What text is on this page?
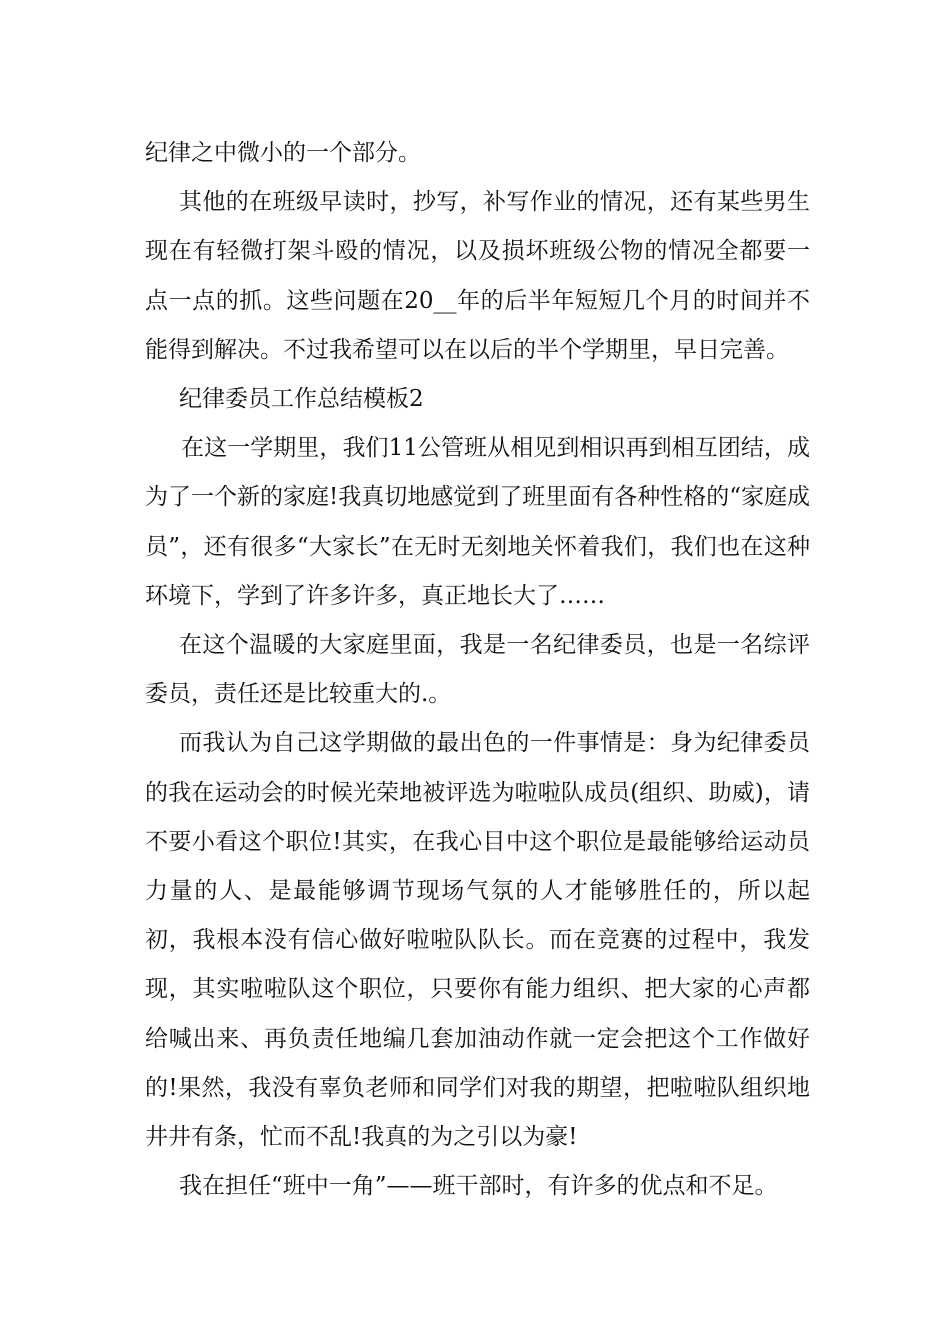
纪律之中微小的一个部分。

其他的在班级早读时，抄写，补写作业的情况，还有某些男生现在有轻微打架斗殴的情况，以及损坏班级公物的情况全都要一点一点的抓。这些问题在20__年的后半年短短几个月的时间并不能得到解决。不过我希望可以在以后的半个学期里，早日完善。

纪律委员工作总结模板2

在这一学期里，我们11公管班从相见到相识再到相互团结，成为了一个新的家庭!我真切地感觉到了班里面有各种性格的“家庭成员”，还有很多“大家长”在无时无刻地关怀着我们，我们也在这种环境下，学到了许多许多，真正地长大了……

在这个温暖的大家庭里面，我是一名纪律委员，也是一名综评委员，责任还是比较重大的.。

而我认为自己这学期做的最出色的一件事情是：身为纪律委员的我在运动会的时候光荣地被评选为啦啦队成员(组织、助威)，请不要小看这个职位!其实，在我心目中这个职位是最能够给运动员力量的人、是最能够调节现场气氛的人才能够胜任的，所以起初，我根本没有信心做好啦啦队队长。而在竞赛的过程中，我发现，其实啦啦队这个职位，只要你有能力组织、把大家的心声都给喊出来、再负责任地编几套加油动作就一定会把这个工作做好的!果然，我没有辜负老师和同学们对我的期望，把啦啦队组织地井井有条，忙而不乱!我真的为之引以为豪!

我在担任“班中一角”——班干部时，有许多的优点和不足。
